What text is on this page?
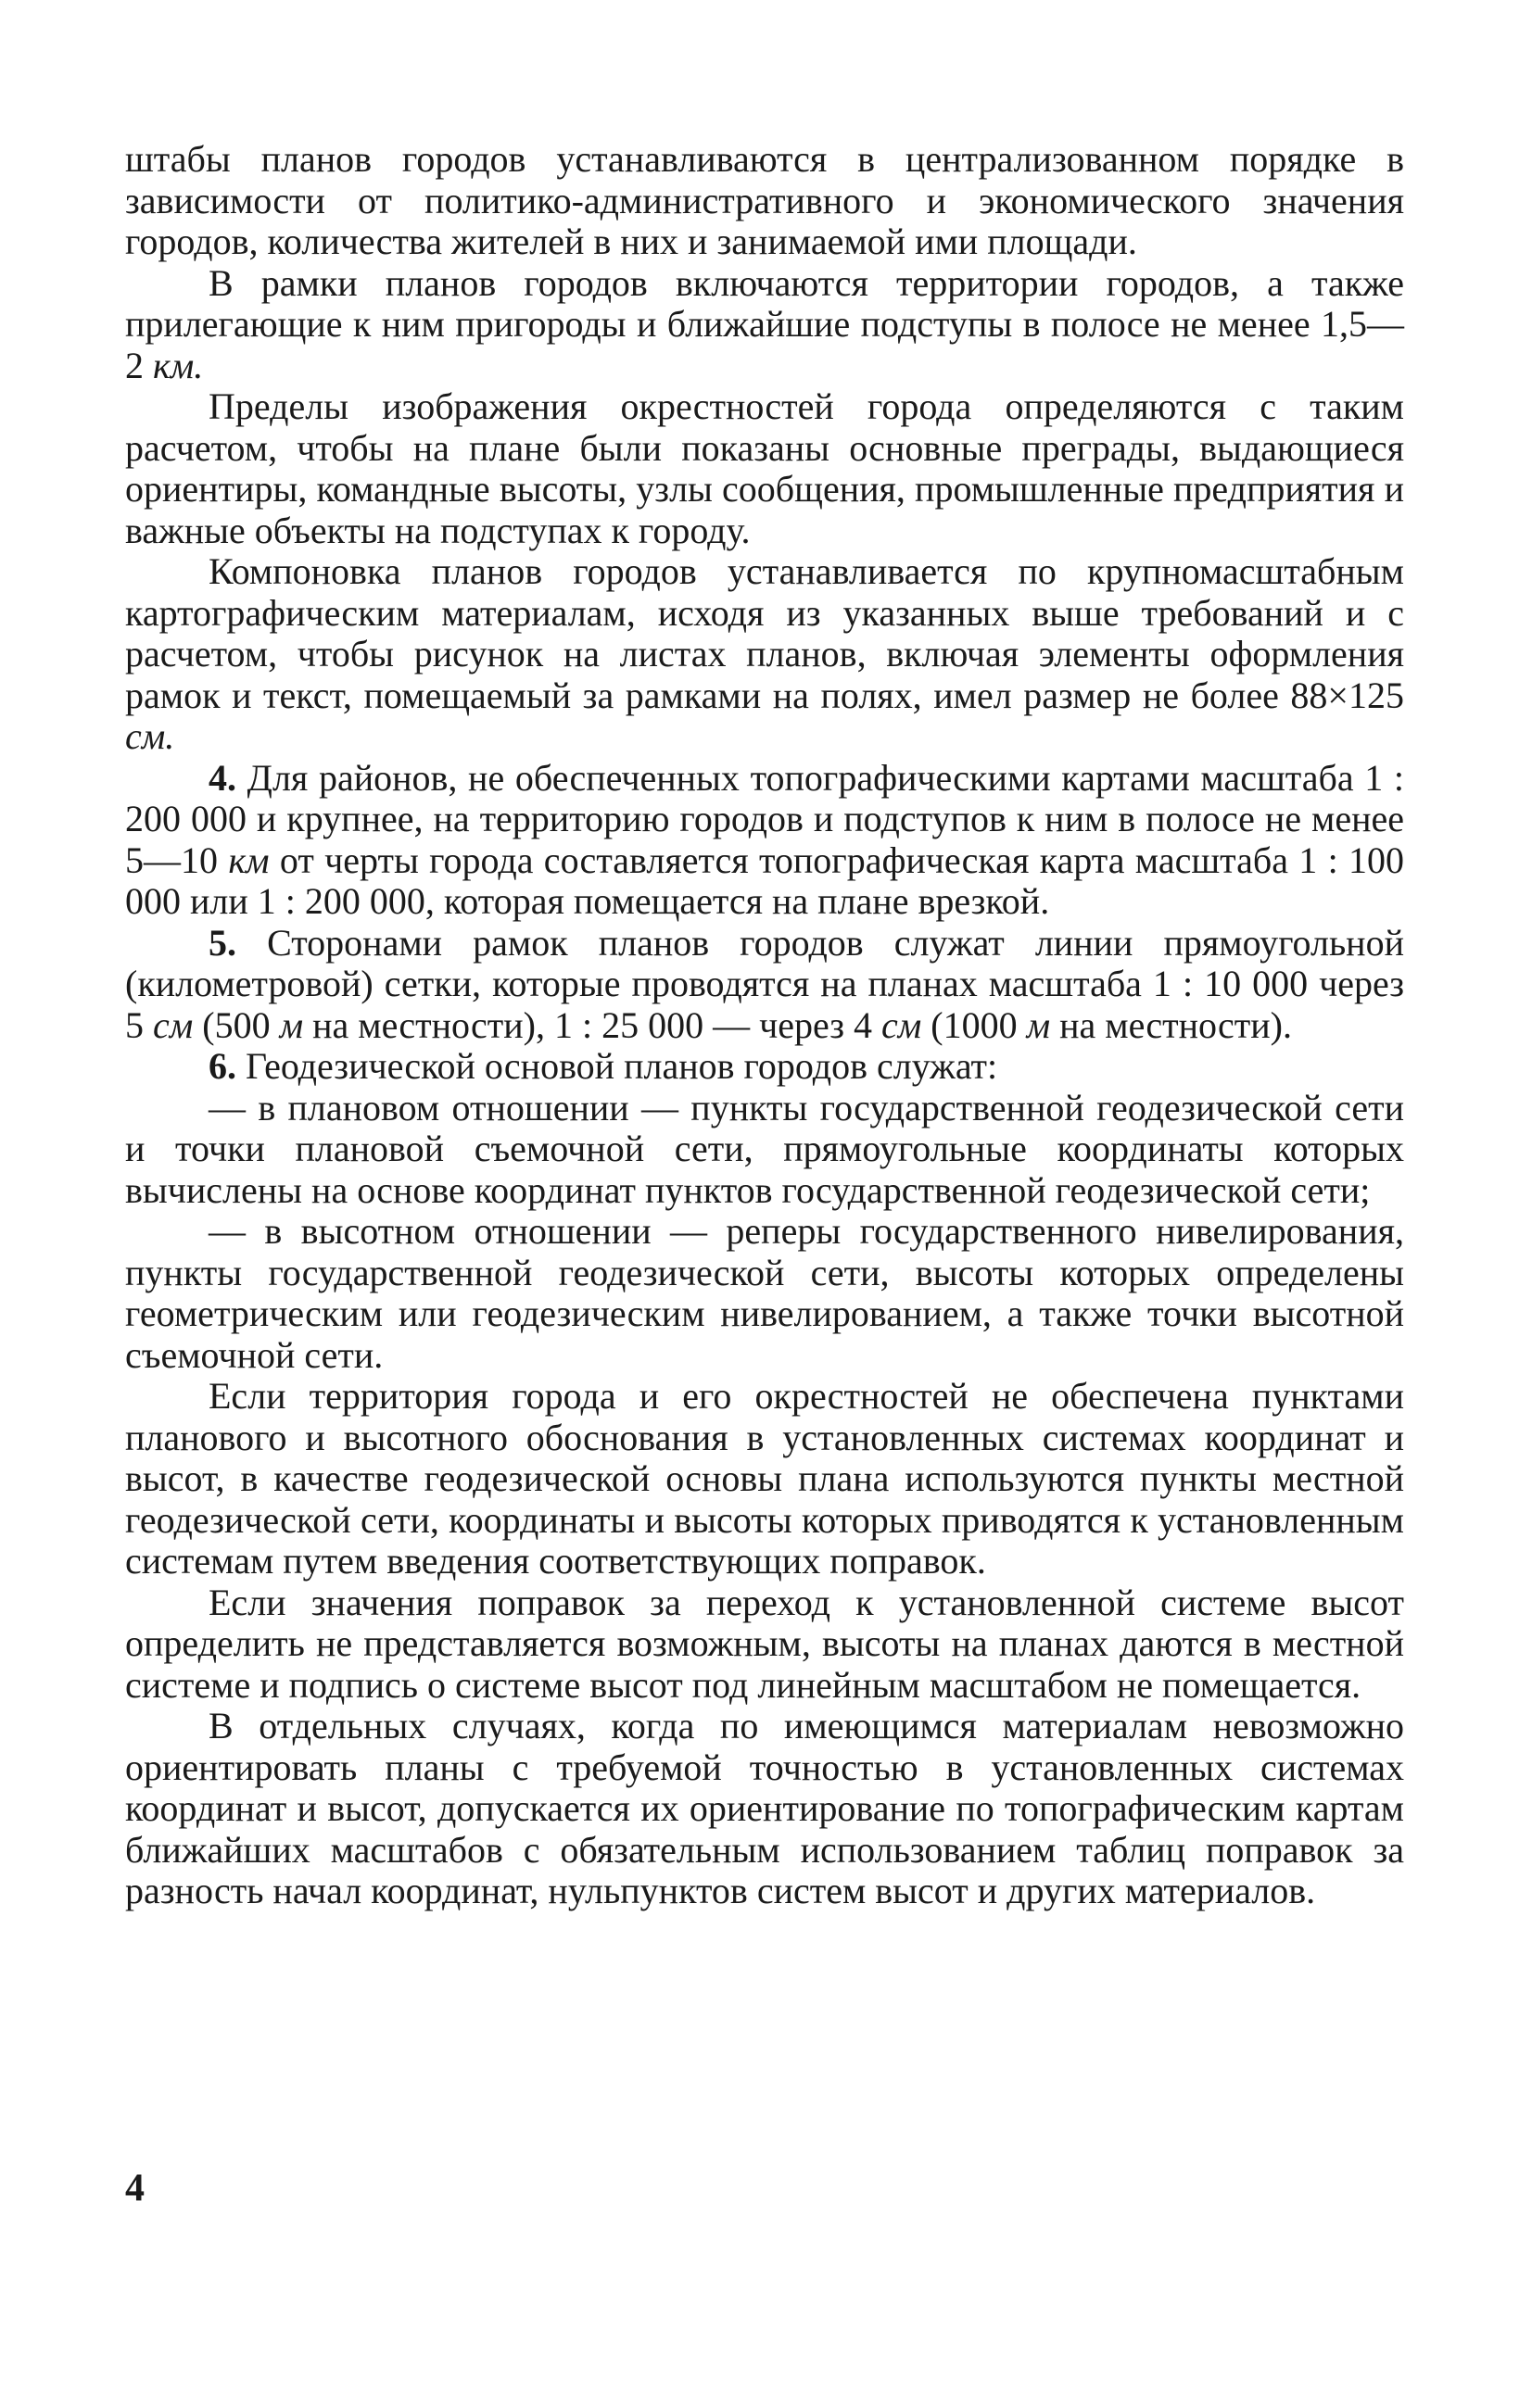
штабы планов городов устанавливаются в централизованном порядке в зависимости от политико-административного и экономического значения городов, количества жителей в них и занимаемой ими площади.

В рамки планов городов включаются территории городов, а также прилегающие к ним пригороды и ближайшие подступы в полосе не менее 1,5—2 км.

Пределы изображения окрестностей города определяются с таким расчетом, чтобы на плане были показаны основные преграды, выдающиеся ориентиры, командные высоты, узлы сообщения, промышленные предприятия и важные объекты на подступах к городу.

Компоновка планов городов устанавливается по крупномасштабным картографическим материалам, исходя из указанных выше требований и с расчетом, чтобы рисунок на листах планов, включая элементы оформления рамок и текст, помещаемый за рамками на полях, имел размер не более 88×125 см.

4. Для районов, не обеспеченных топографическими картами масштаба 1 : 200 000 и крупнее, на территорию городов и подступов к ним в полосе не менее 5—10 км от черты города составляется топографическая карта масштаба 1 : 100 000 или 1 : 200 000, которая помещается на плане врезкой.

5. Сторонами рамок планов городов служат линии прямоугольной (километровой) сетки, которые проводятся на планах масштаба 1 : 10 000 через 5 см (500 м на местности), 1 : 25 000 — через 4 см (1000 м на местности).

6. Геодезической основой планов городов служат:

— в плановом отношении — пункты государственной геодезической сети и точки плановой съемочной сети, прямоугольные координаты которых вычислены на основе координат пунктов государственной геодезической сети;

— в высотном отношении — реперы государственного нивелирования, пункты государственной геодезической сети, высоты которых определены геометрическим или геодезическим нивелированием, а также точки высотной съемочной сети.

Если территория города и его окрестностей не обеспечена пунктами планового и высотного обоснования в установленных системах координат и высот, в качестве геодезической основы плана используются пункты местной геодезической сети, координаты и высоты которых приводятся к установленным системам путем введения соответствующих поправок.

Если значения поправок за переход к установленной системе высот определить не представляется возможным, высоты на планах даются в местной системе и подпись о системе высот под линейным масштабом не помещается.

В отдельных случаях, когда по имеющимся материалам невозможно ориентировать планы с требуемой точностью в установленных системах координат и высот, допускается их ориентирование по топографическим картам ближайших масштабов с обязательным использованием таблиц поправок за разность начал координат, нульпунктов систем высот и других материалов.

4
